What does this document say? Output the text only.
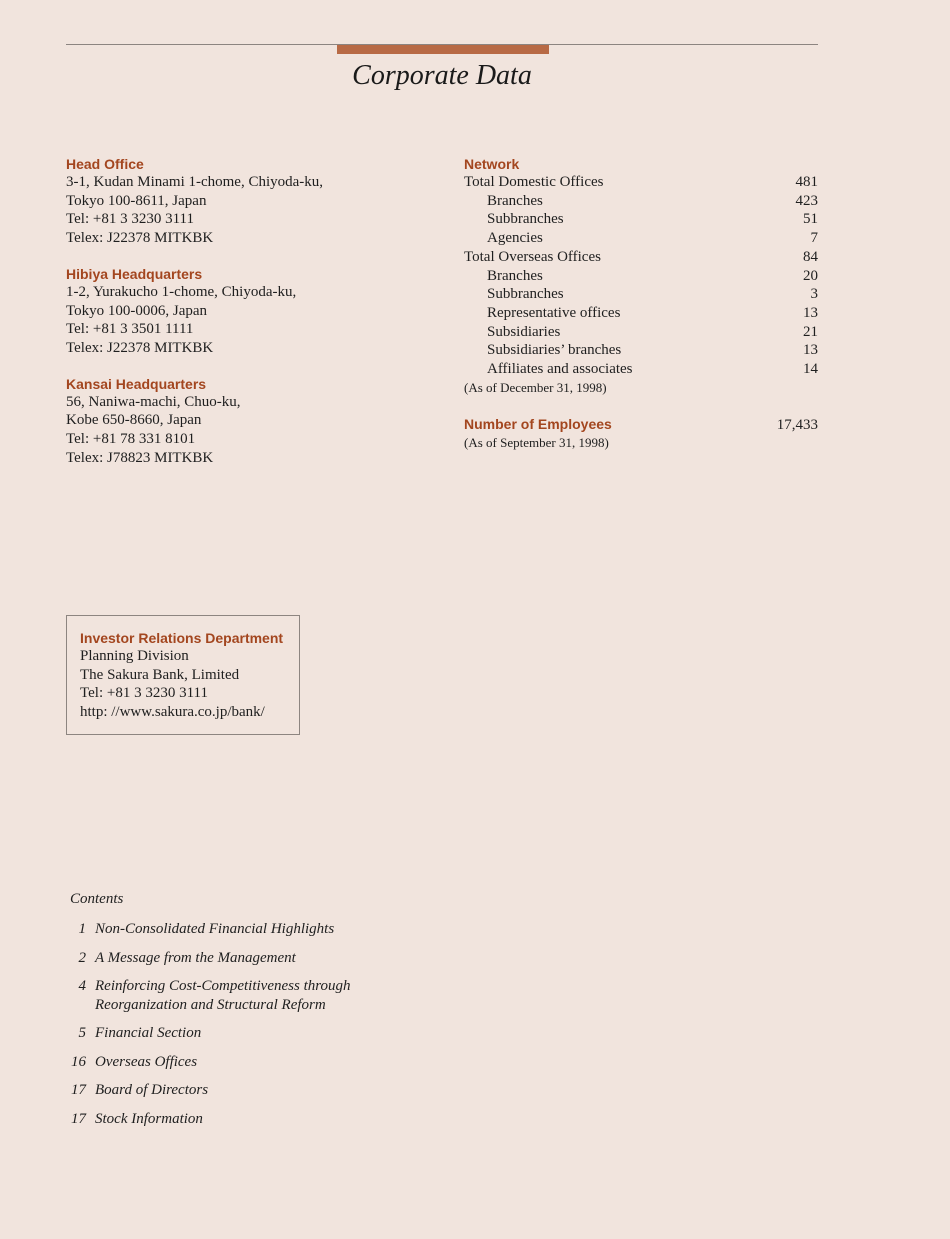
Corporate Data
Head Office
3-1, Kudan Minami 1-chome, Chiyoda-ku,
Tokyo 100-8611, Japan
Tel: +81 3 3230 3111
Telex: J22378 MITKBK
Hibiya Headquarters
1-2, Yurakucho 1-chome, Chiyoda-ku,
Tokyo 100-0006, Japan
Tel: +81 3 3501 1111
Telex: J22378 MITKBK
Kansai Headquarters
56, Naniwa-machi, Chuo-ku,
Kobe 650-8660, Japan
Tel: +81 78 331 8101
Telex: J78823 MITKBK
Network
Total Domestic Offices	481
Branches	423
Subbranches	51
Agencies	7
Total Overseas Offices	84
Branches	20
Subbranches	3
Representative offices	13
Subsidiaries	21
Subsidiaries’ branches	13
Affiliates and associates	14
(As of December 31, 1998)
Number of Employees	17,433
(As of September 31, 1998)
Investor Relations Department
Planning Division
The Sakura Bank, Limited
Tel: +81 3 3230 3111
http: //www.sakura.co.jp/bank/
Contents
1 Non-Consolidated Financial Highlights
2 A Message from the Management
4 Reinforcing Cost-Competitiveness through
Reorganization and Structural Reform
5 Financial Section
16 Overseas Offices
17 Board of Directors
17 Stock Information
